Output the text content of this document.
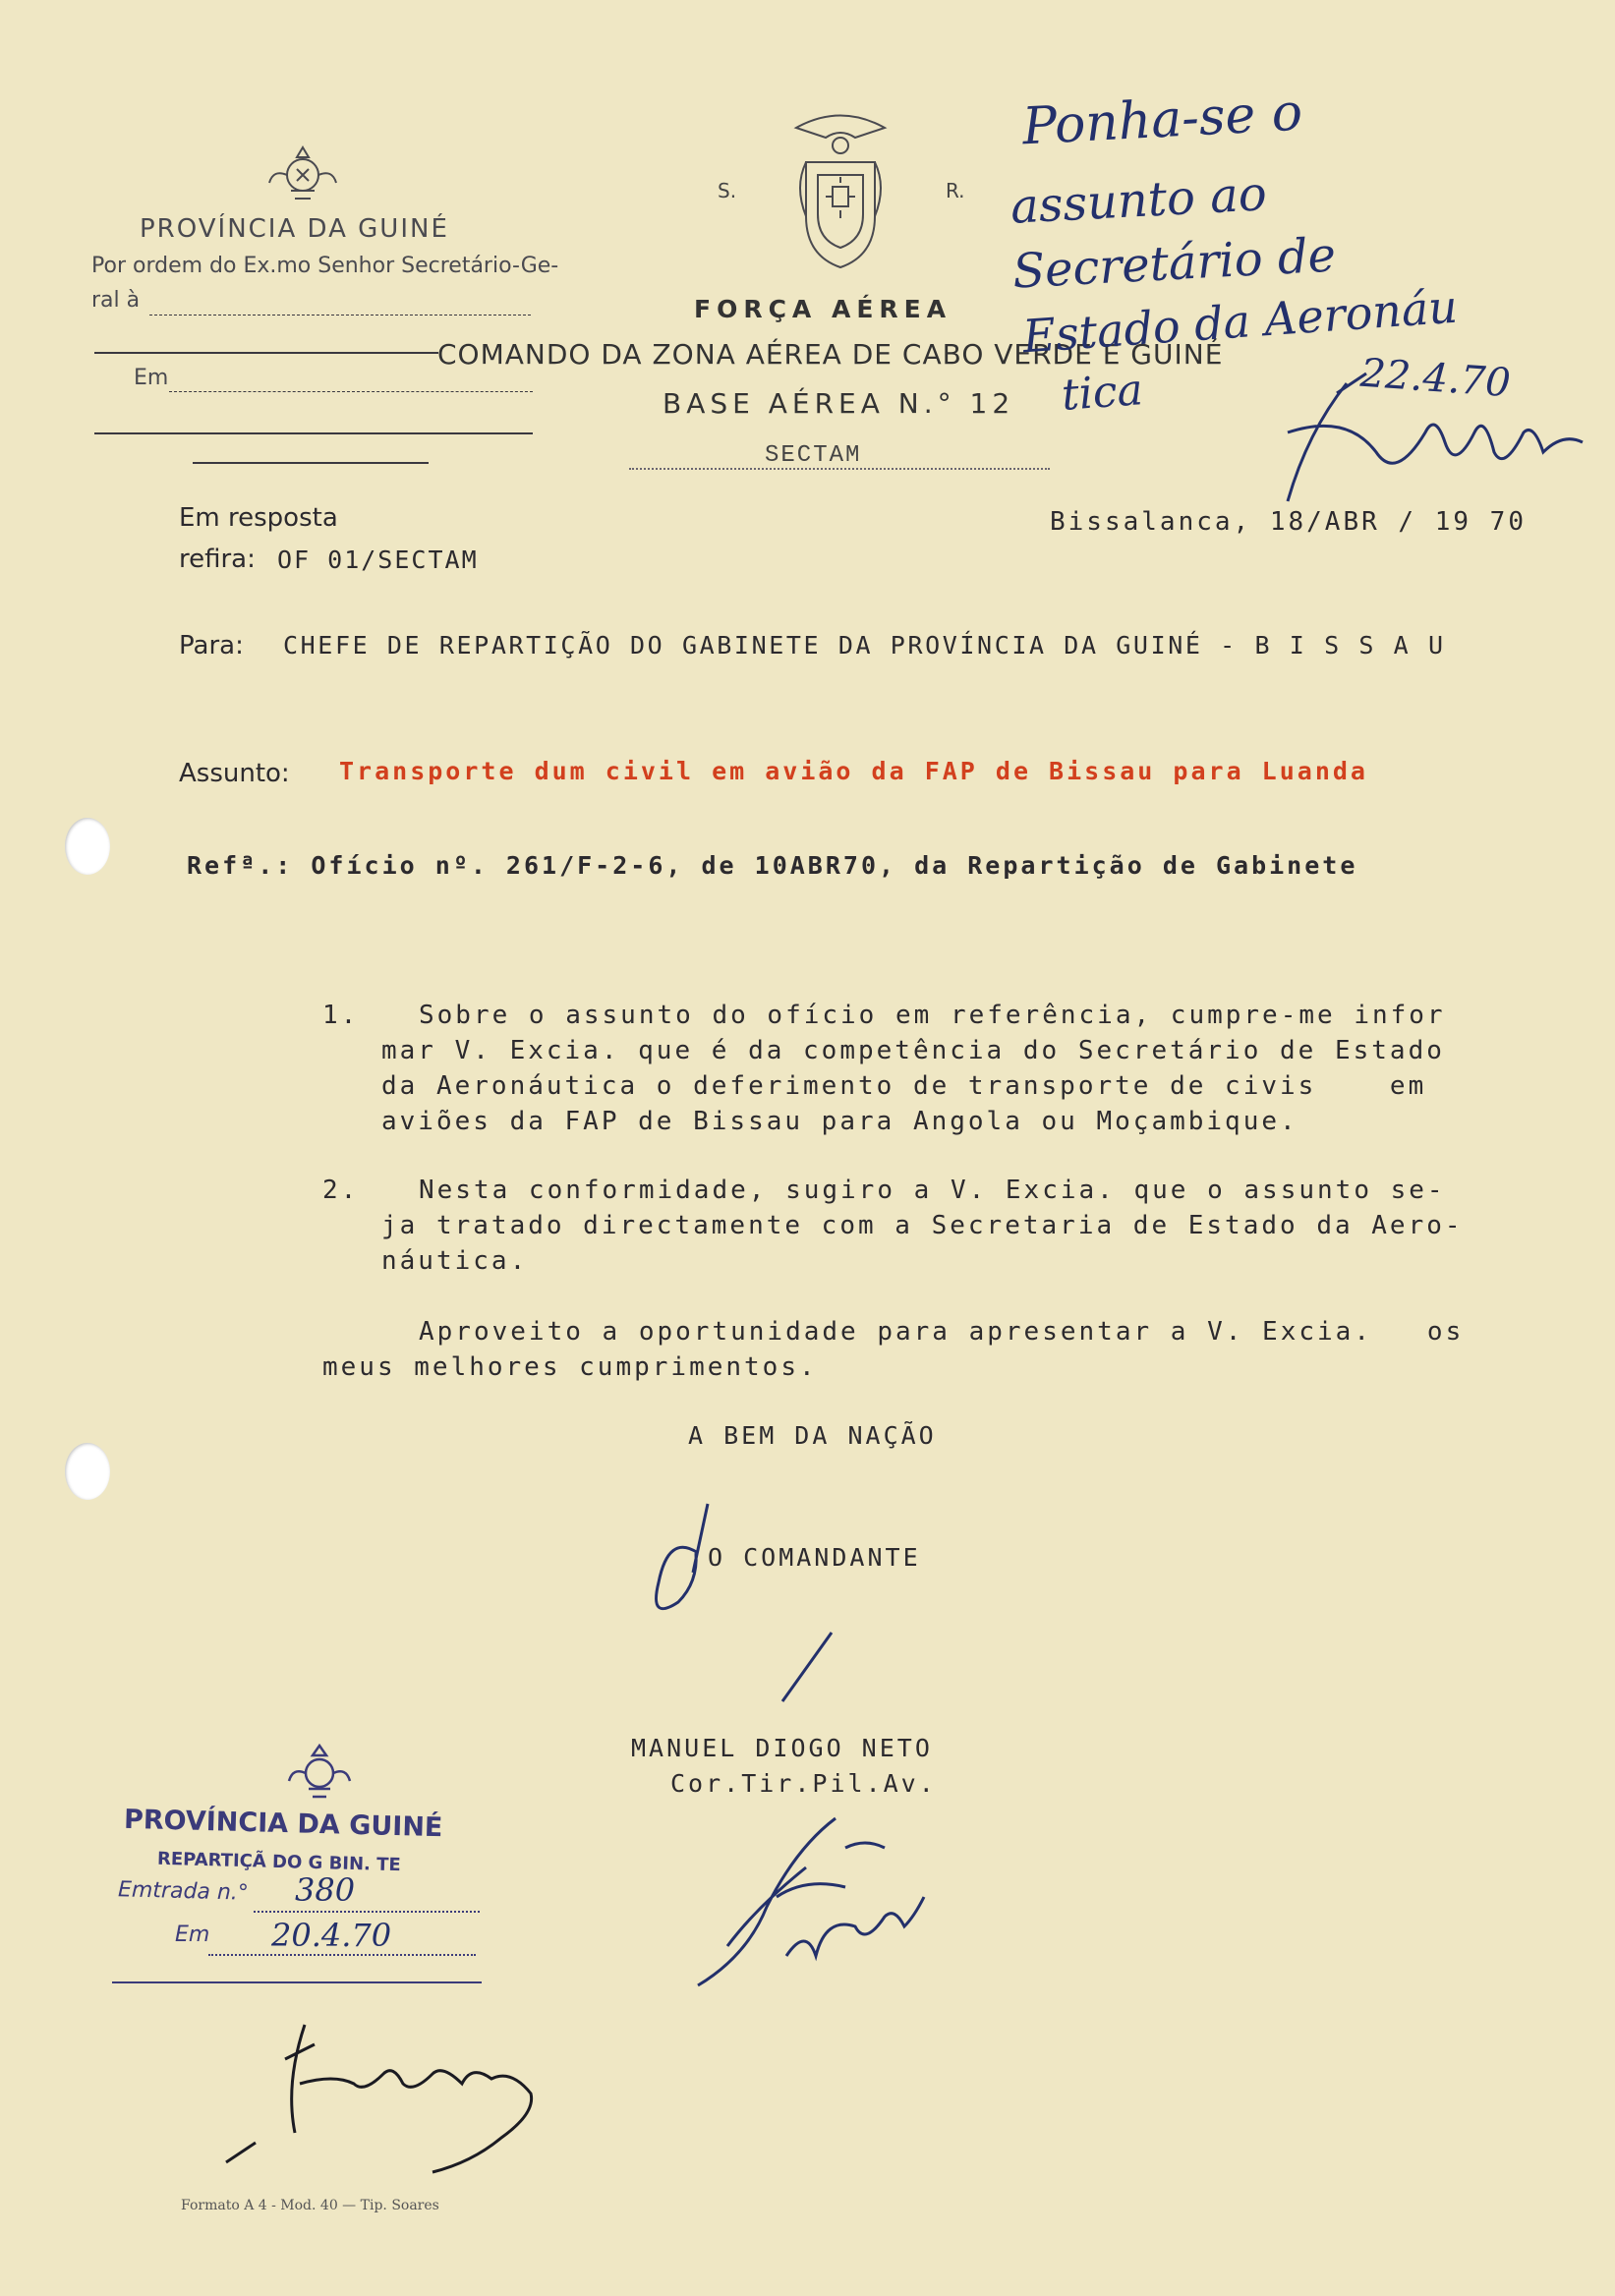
PROVÍNCIA DA GUINÉ
Por ordem do Ex.mo Senhor Secretário-Ge-
ral à
Em
S.	R.
FORÇA AÉREA
COMANDO DA ZONA AÉREA DE CABO VERDE E GUINÉ
BASE AÉREA N.° 12
SECTAM
Ponha-se o
assunto ao
Secretário de
Estado da Aeronáu
tica	22.4.70
Em resposta
refira: OF 01/SECTAM
Bissalanca, 18/ABR / 19 70
Para: CHEFE DE REPARTIÇÃO DO GABINETE DA PROVÍNCIA DA GUINÉ - B I S S A U
Assunto: Transporte dum civil em avião da FAP de Bissau para Luanda
Refª.: Ofício nº. 261/F-2-6, de 10ABR70, da Repartição de Gabinete
1. Sobre o assunto do ofício em referência, cumpre-me infor
mar V. Excia. que é da competência do Secretário de Estado
da Aeronáutica o deferimento de transporte de civis    em
aviões da FAP de Bissau para Angola ou Moçambique.
2. Nesta conformidade, sugiro a V. Excia. que o assunto se-
ja tratado directamente com a Secretaria de Estado da Aero-
náutica.
Aproveito a oportunidade para apresentar a V. Excia.   os
meus melhores cumprimentos.
A BEM DA NAÇÃO
O COMANDANTE
MANUEL DIOGO NETO
Cor.Tir.Pil.Av.
PROVÍNCIA DA GUINÉ
REPARTIÇÃ DO G BIN. TE
Emtrada n.° 380
Em 20.4.70
Formato A 4 - Mod. 40 — Tip. Soares
